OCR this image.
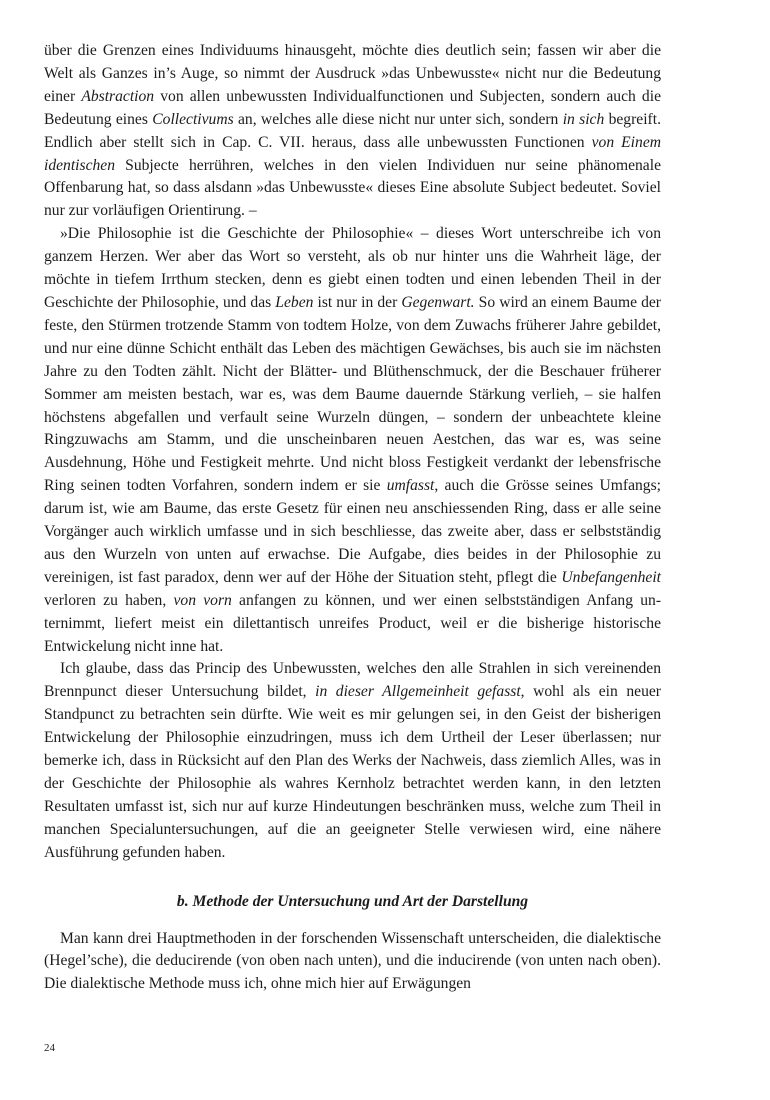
über die Grenzen eines Individuums hinausgeht, möchte dies deutlich sein; fassen wir aber die Welt als Ganzes in’s Auge, so nimmt der Ausdruck »das Unbewusste« nicht nur die Bedeutung einer Abstraction von allen unbewussten Individualfunctionen und Subjecten, sondern auch die Bedeutung eines Collectivums an, welches alle diese nicht nur unter sich, sondern in sich begreift. Endlich aber stellt sich in Cap. C. VII. heraus, dass alle unbewussten Functionen von Einem identischen Subjecte herrühren, welches in den vielen Individuen nur seine phänomenale Offenbarung hat, so dass alsdann »das Unbewusste« dieses Eine absolute Subject bedeutet. Soviel nur zur vorläufigen Orientirung. –

»Die Philosophie ist die Geschichte der Philosophie« – dieses Wort unterschreibe ich von ganzem Herzen. Wer aber das Wort so versteht, als ob nur hinter uns die Wahrheit läge, der möchte in tiefem Irrthum stecken, denn es giebt einen todten und einen lebenden Theil in der Geschichte der Philosophie, und das Leben ist nur in der Gegenwart. So wird an einem Baume der feste, den Stürmen trotzende Stamm von todtem Holze, von dem Zuwachs früherer Jahre gebildet, und nur eine dünne Schicht enthält das Leben des mächtigen Gewächses, bis auch sie im nächsten Jahre zu den Todten zählt. Nicht der Blätter- und Blüthenschmuck, der die Beschauer früherer Sommer am meisten bestach, war es, was dem Baume dauernde Stärkung verlieh, – sie halfen höchstens abgefallen und verfault seine Wurzeln düngen, – sondern der unbeachtete kleine Ringzuwachs am Stamm, und die unscheinbaren neuen Aestchen, das war es, was seine Ausdehnung, Höhe und Festigkeit mehrte. Und nicht bloss Festigkeit verdankt der lebensfrische Ring seinen todten Vorfahren, sondern indem er sie umfasst, auch die Grösse seines Umfangs; darum ist, wie am Baume, das erste Gesetz für einen neu anschiessenden Ring, dass er alle seine Vorgänger auch wirklich umfasse und in sich beschliesse, das zweite aber, dass er selbstständig aus den Wurzeln von unten auf erwachse. Die Aufgabe, dies beides in der Philosophie zu vereinigen, ist fast paradox, denn wer auf der Höhe der Situation steht, pflegt die Unbefangenheit verloren zu haben, von vorn anfangen zu können, und wer einen selbstständigen Anfang unternimmt, liefert meist ein dilettantisch unreifes Product, weil er die bisherige historische Entwickelung nicht inne hat.

Ich glaube, dass das Princip des Unbewussten, welches den alle Strahlen in sich vereinenden Brennpunct dieser Untersuchung bildet, in dieser Allgemeinheit gefasst, wohl als ein neuer Standpunct zu betrachten sein dürfte. Wie weit es mir gelungen sei, in den Geist der bisherigen Entwickelung der Philosophie einzudringen, muss ich dem Urtheil der Leser überlassen; nur bemerke ich, dass in Rücksicht auf den Plan des Werks der Nachweis, dass ziemlich Alles, was in der Geschichte der Philosophie als wahres Kernholz betrachtet werden kann, in den letzten Resultaten umfasst ist, sich nur auf kurze Hindeutungen beschränken muss, welche zum Theil in manchen Specialuntersuchungen, auf die an geeigneter Stelle verwiesen wird, eine nähere Ausführung gefunden haben.

b. Methode der Untersuchung und Art der Darstellung

Man kann drei Hauptmethoden in der forschenden Wissenschaft unterscheiden, die dialektische (Hegel’sche), die deducirende (von oben nach unten), und die inducirende (von unten nach oben). Die dialektische Methode muss ich, ohne mich hier auf Erwägungen

24
